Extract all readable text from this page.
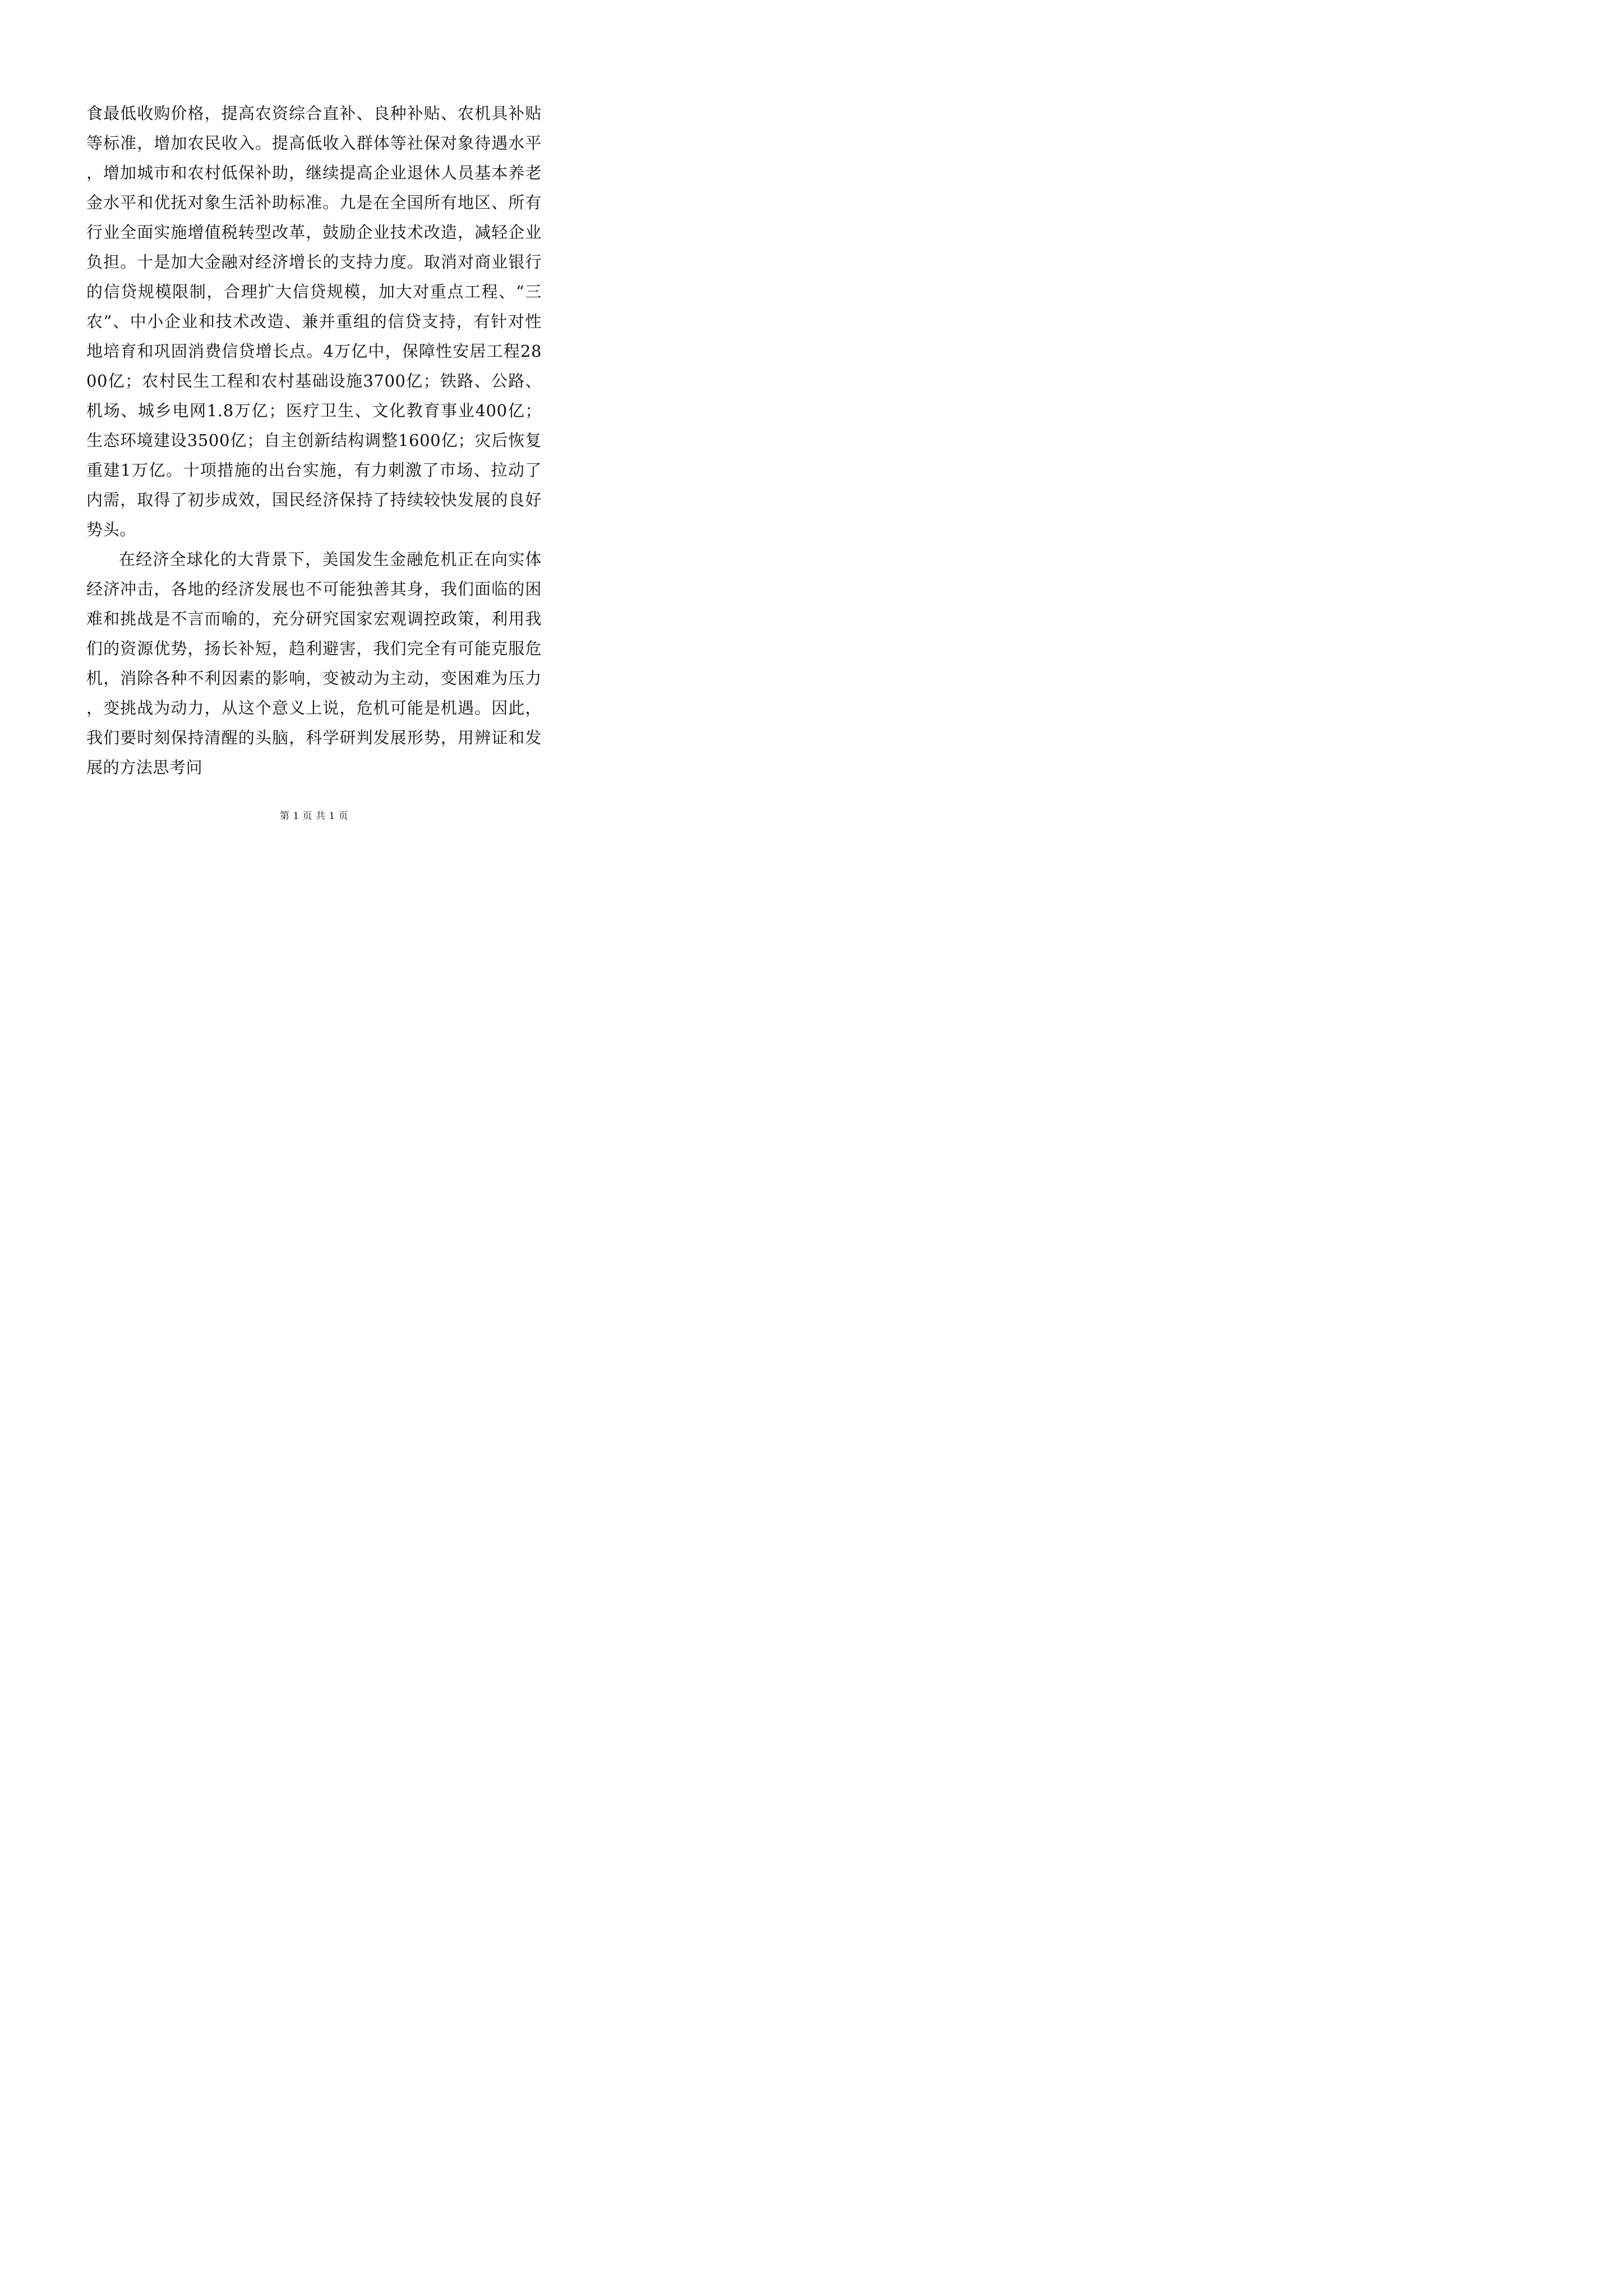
食最低收购价格，提高农资综合直补、良种补贴、农机具补贴等标准，增加农民收入。提高低收入群体等社保对象待遇水平，增加城市和农村低保补助，继续提高企业退休人员基本养老金水平和优抚对象生活补助标准。九是在全国所有地区、所有行业全面实施增值税转型改革，鼓励企业技术改造，减轻企业负担。十是加大金融对经济增长的支持力度。取消对商业银行的信贷规模限制，合理扩大信贷规模，加大对重点工程、“三农”、中小企业和技术改造、兼并重组的信贷支持，有针对性地培育和巩固消费信贷增长点。4万亿中，保障性安居工程2800亿；农村民生工程和农村基础设施3700亿；铁路、公路、机场、城乡电网1.8万亿；医疗卫生、文化教育事业400亿；生态环境建设3500亿；自主创新结构调整1600亿；灾后恢复重建1万亿。十项措施的出台实施，有力刺激了市场、拉动了内需，取得了初步成效，国民经济保持了持续较快发展的良好势头。

在经济全球化的大背景下，美国发生金融危机正在向实体经济冲击，各地的经济发展也不可能独善其身，我们面临的困难和挑战是不言而喻的，充分研究国家宏观调控政策，利用我们的资源优势，扬长补短，趋利避害，我们完全有可能克服危机，消除各种不利因素的影响，变被动为主动，变困难为压力，变挑战为动力，从这个意义上说，危机可能是机遇。因此，我们要时刻保持清醒的头脑，科学研判发展形势，用辨证和发展的方法思考问

第 1 页 共 1 页
